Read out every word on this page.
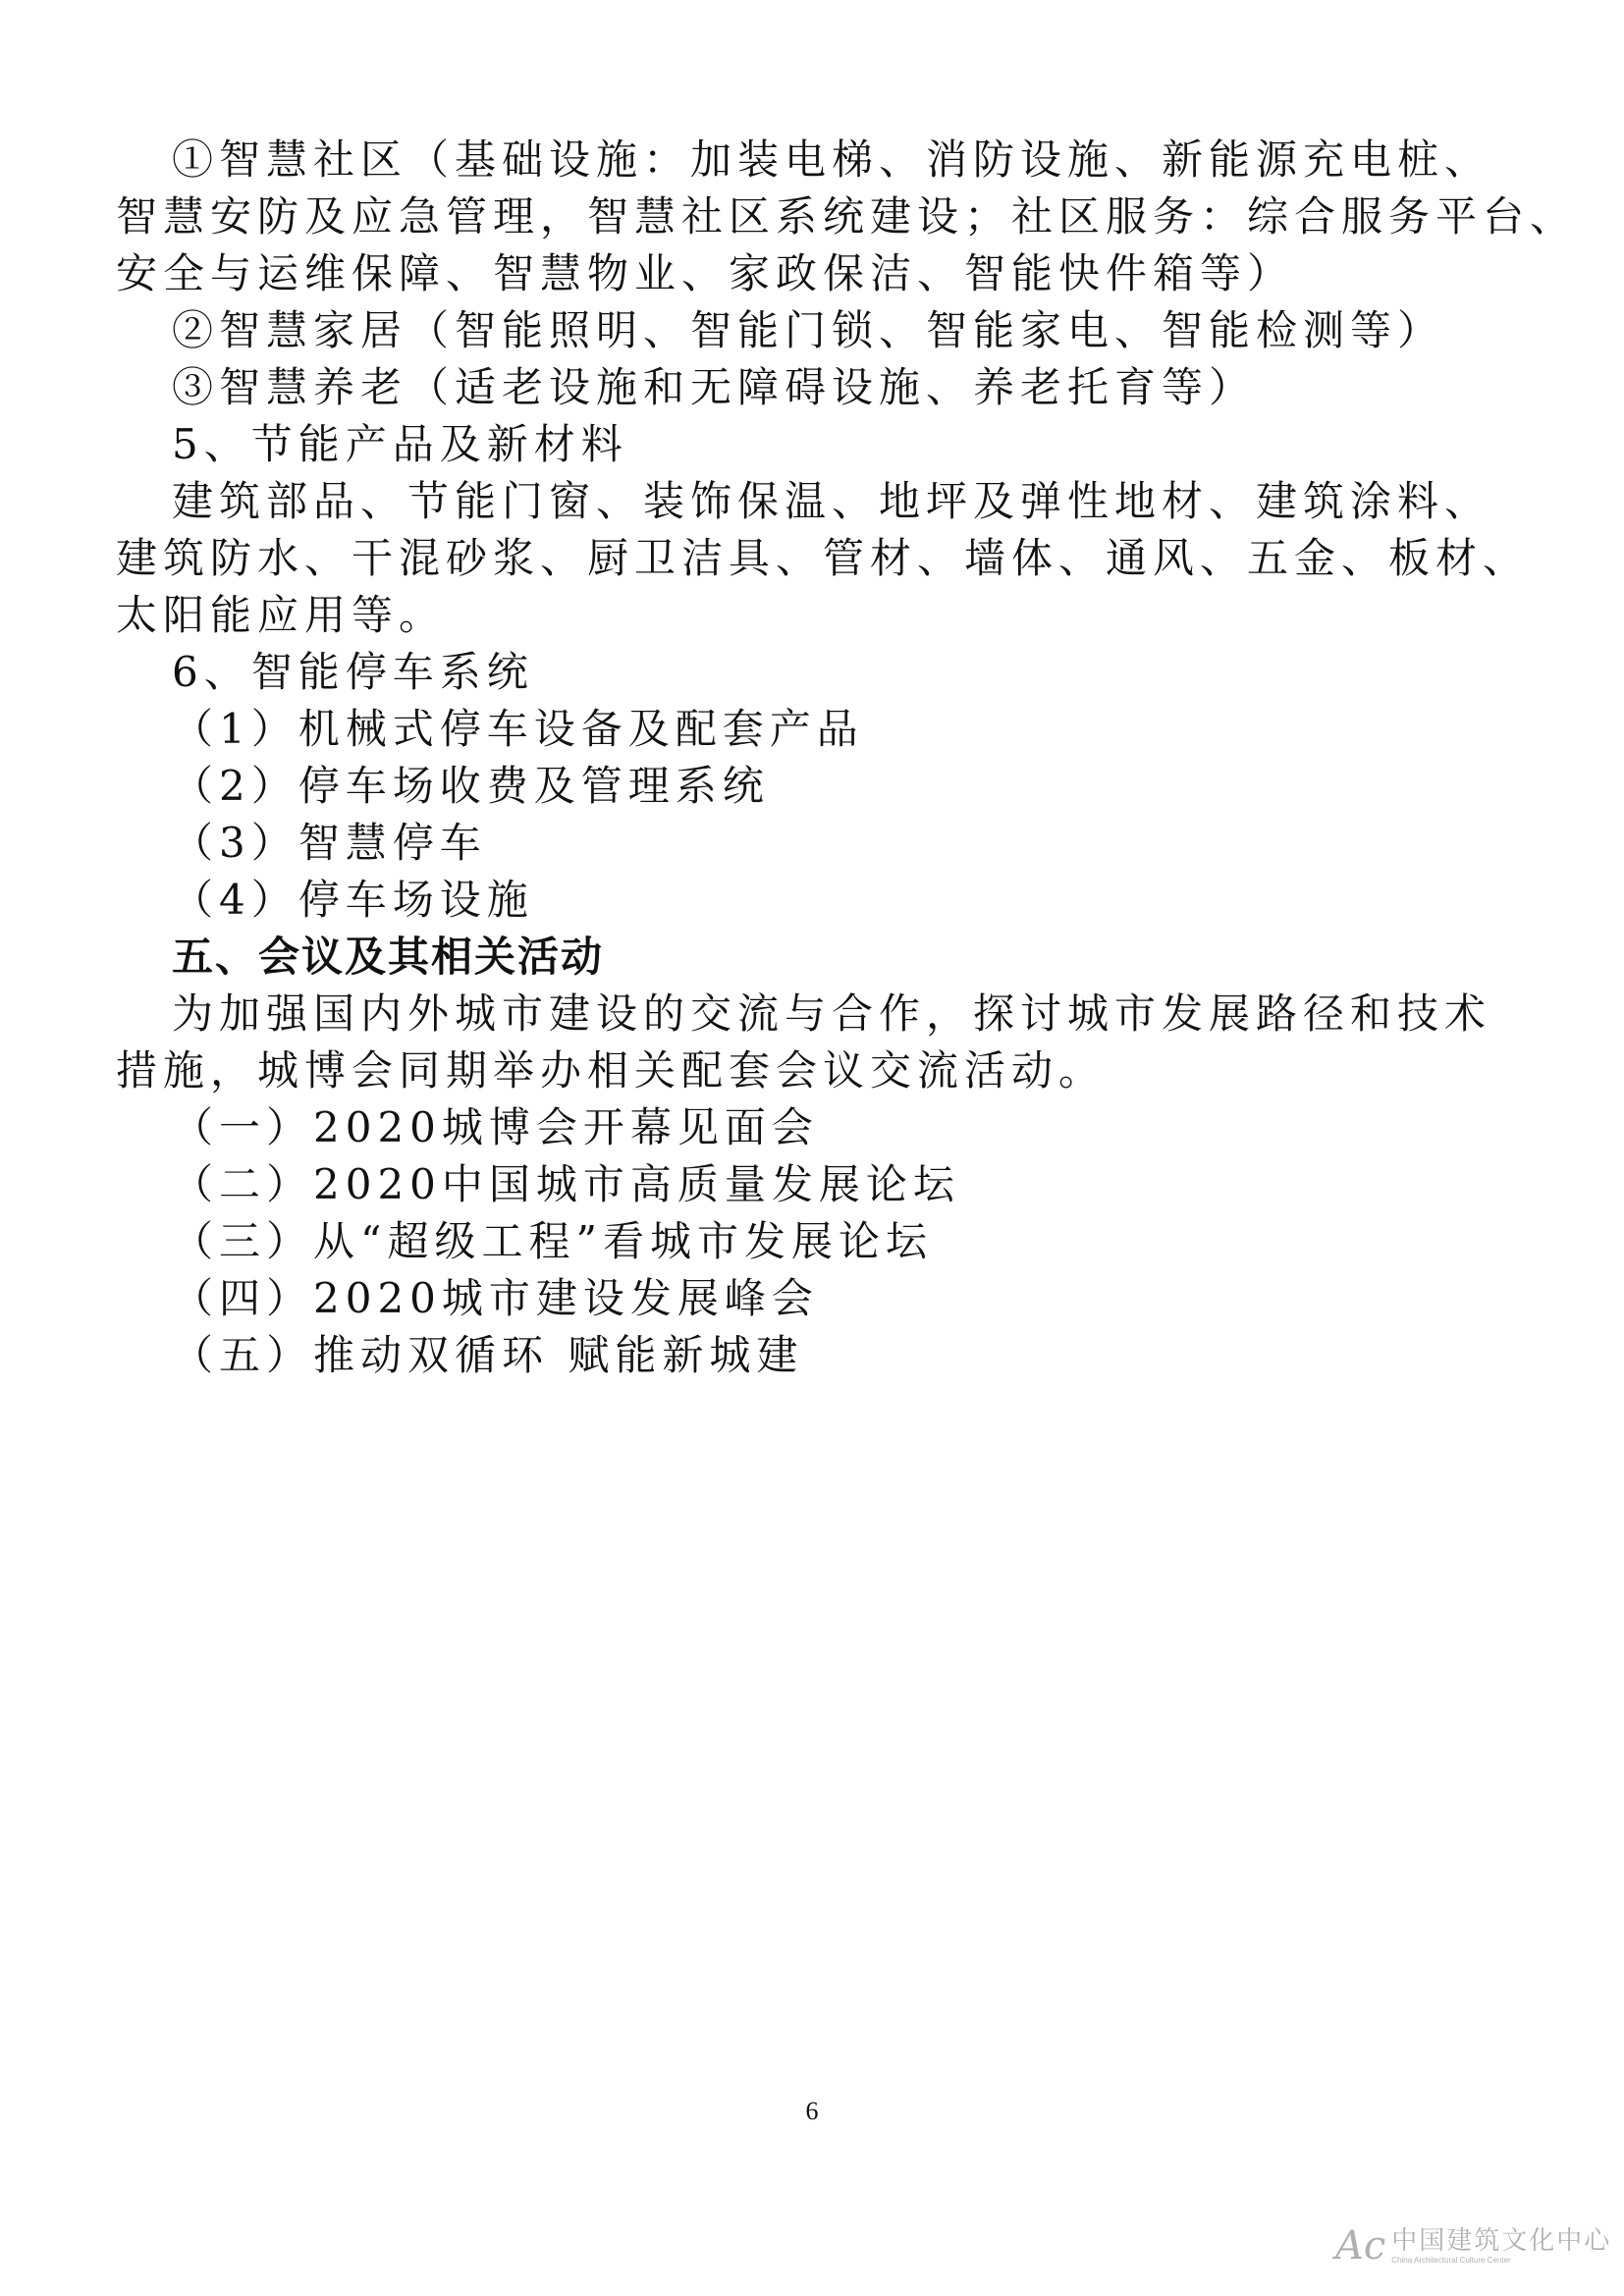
①智慧社区（基础设施：加装电梯、消防设施、新能源充电桩、
智慧安防及应急管理，智慧社区系统建设；社区服务：综合服务平台、
安全与运维保障、智慧物业、家政保洁、智能快件箱等）
②智慧家居（智能照明、智能门锁、智能家电、智能检测等）
③智慧养老（适老设施和无障碍设施、养老托育等）
5、节能产品及新材料
建筑部品、节能门窗、装饰保温、地坪及弹性地材、建筑涂料、
建筑防水、干混砂浆、厨卫洁具、管材、墙体、通风、五金、板材、
太阳能应用等。
6、智能停车系统
（1）机械式停车设备及配套产品
（2）停车场收费及管理系统
（3）智慧停车
（4）停车场设施
五、会议及其相关活动
为加强国内外城市建设的交流与合作，探讨城市发展路径和技术
措施，城博会同期举办相关配套会议交流活动。
（一）2020城博会开幕见面会
（二）2020中国城市高质量发展论坛
（三）从“超级工程”看城市发展论坛
（四）2020城市建设发展峰会
（五）推动双循环 赋能新城建
6
Ac 中国建筑文化中心
China Architectural Culture Center
